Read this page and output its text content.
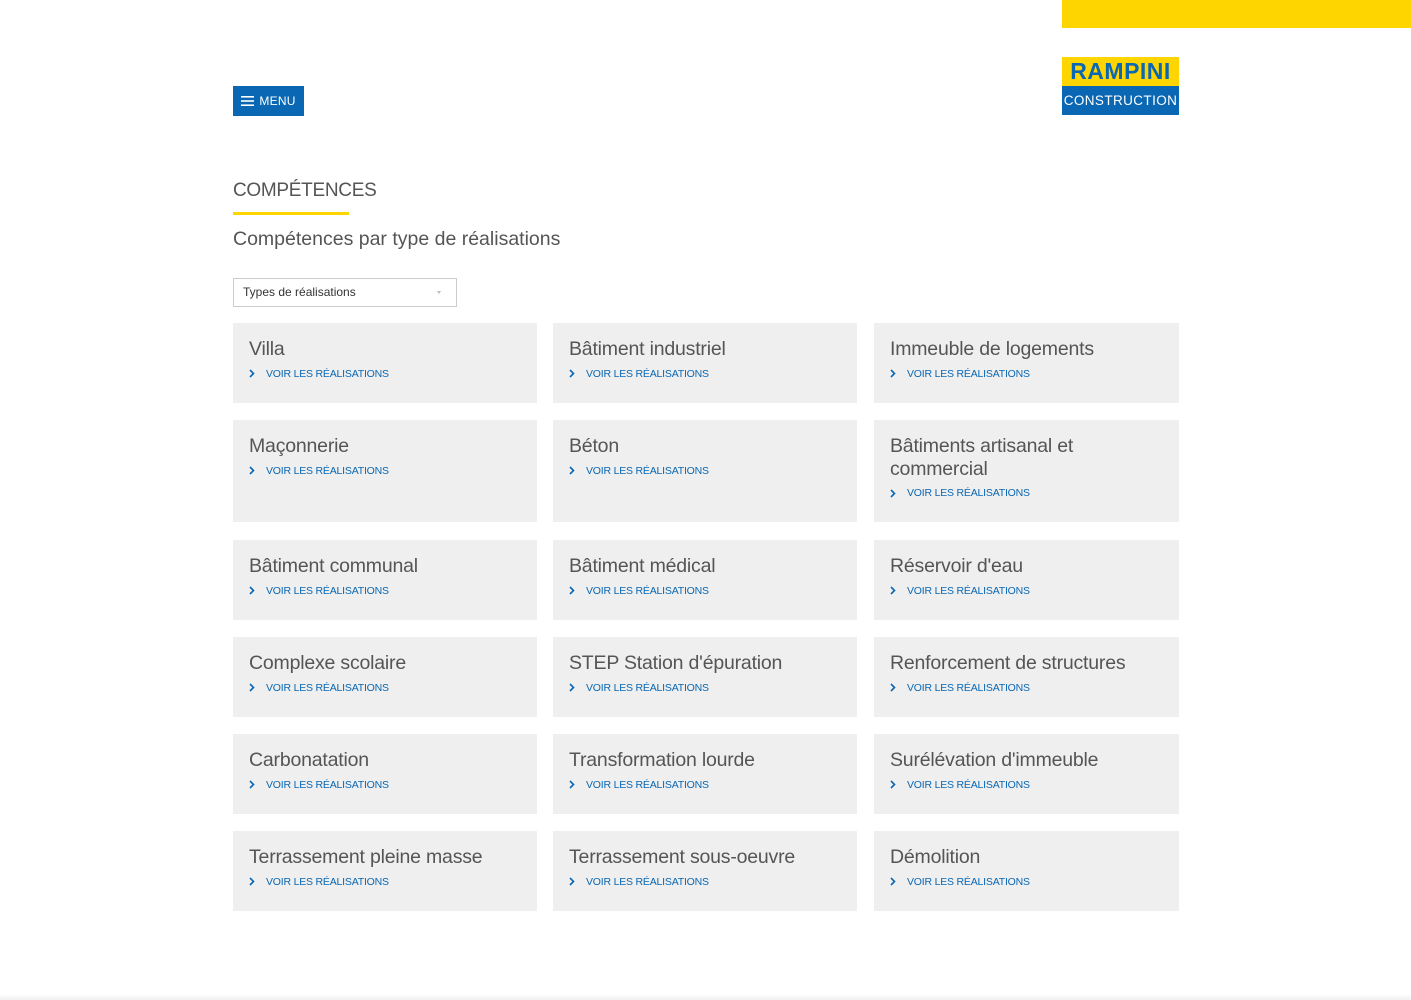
MENU
RAMPINI
CONSTRUCTION
COMPÉTENCES
Compétences par type de réalisations
Types de réalisations
Villa
VOIR LES RÉALISATIONS
Bâtiment industriel
VOIR LES RÉALISATIONS
Immeuble de logements
VOIR LES RÉALISATIONS
Maçonnerie
VOIR LES RÉALISATIONS
Béton
VOIR LES RÉALISATIONS
Bâtiments artisanal et commercial
VOIR LES RÉALISATIONS
Bâtiment communal
VOIR LES RÉALISATIONS
Bâtiment médical
VOIR LES RÉALISATIONS
Réservoir d'eau
VOIR LES RÉALISATIONS
Complexe scolaire
VOIR LES RÉALISATIONS
STEP Station d'épuration
VOIR LES RÉALISATIONS
Renforcement de structures
VOIR LES RÉALISATIONS
Carbonatation
VOIR LES RÉALISATIONS
Transformation lourde
VOIR LES RÉALISATIONS
Surélévation d'immeuble
VOIR LES RÉALISATIONS
Terrassement pleine masse
VOIR LES RÉALISATIONS
Terrassement sous-oeuvre
VOIR LES RÉALISATIONS
Démolition
VOIR LES RÉALISATIONS
